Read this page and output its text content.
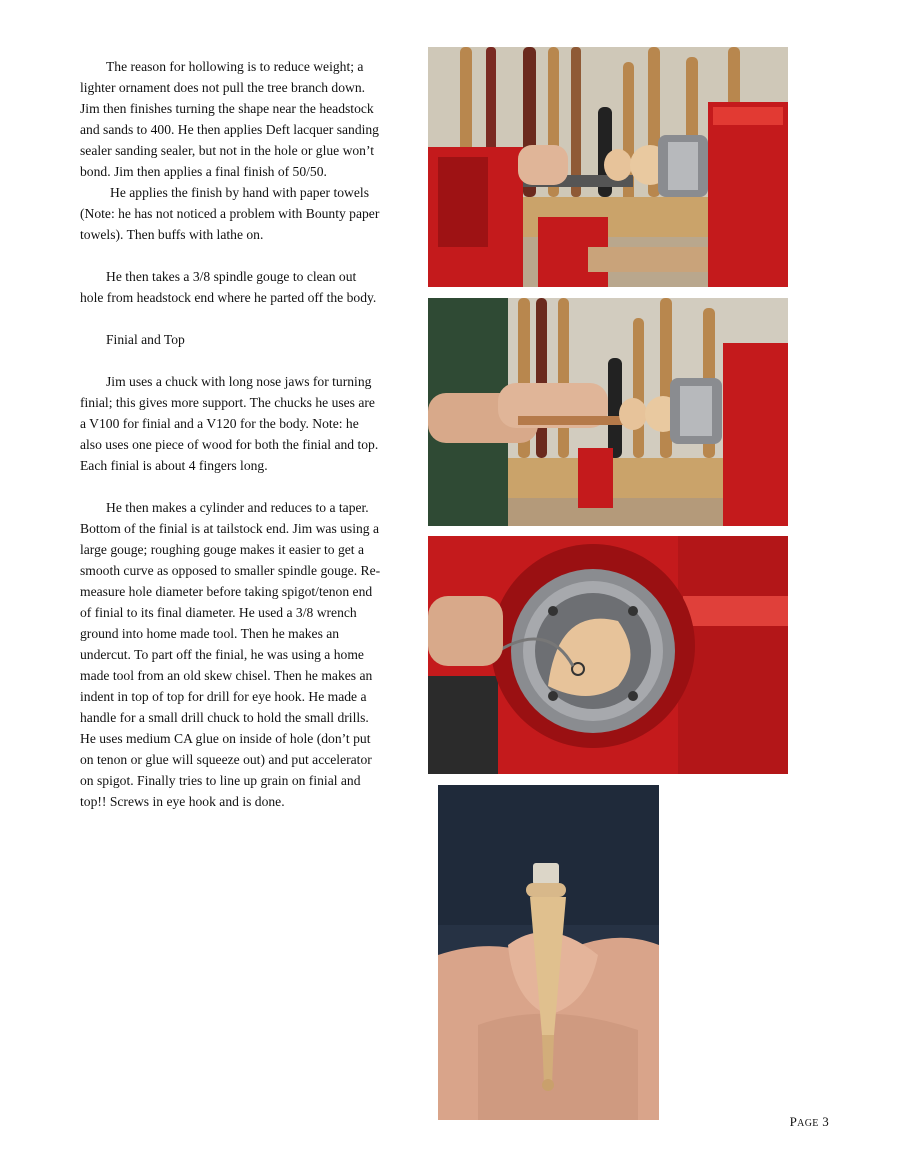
The reason for hollowing is to reduce weight; a lighter ornament does not pull the tree branch down. Jim then finishes turning the shape near the headstock and sands to 400. He then applies Deft lacquer sanding sealer sanding sealer, but not in the hole or glue won’t bond. Jim then applies a final finish of 50/50.

He applies the finish by hand with paper towels (Note: he has not noticed a problem with Bounty paper towels). Then buffs with lathe on.

He then takes a 3/8 spindle gouge to clean out hole from headstock end where he parted off the body.

Finial and Top

Jim uses a chuck with long nose jaws for turning finial; this gives more support. The chucks he uses are a V100 for finial and a V120 for the body. Note: he also uses one piece of wood for both the finial and top. Each finial is about 4 fingers long.

He then makes a cylinder and reduces to a taper. Bottom of the finial is at tailstock end. Jim was using a large gouge; roughing gouge makes it easier to get a smooth curve as opposed to smaller spindle gouge. Re-measure hole diameter before taking spigot/tenon end of finial to its final diameter. He used a 3/8 wrench ground into home made tool. Then he makes an undercut. To part off the finial, he was using a home made tool from an old skew chisel. Then he makes an indent in top of top for drill for eye hook. He made a handle for a small drill chuck to hold the small drills. He uses medium CA glue on inside of hole (don’t put on tenon or glue will squeeze out) and put accelerator on spigot. Finally tries to line up grain on finial and top!! Screws in eye hook and is done.

PAGE 3
